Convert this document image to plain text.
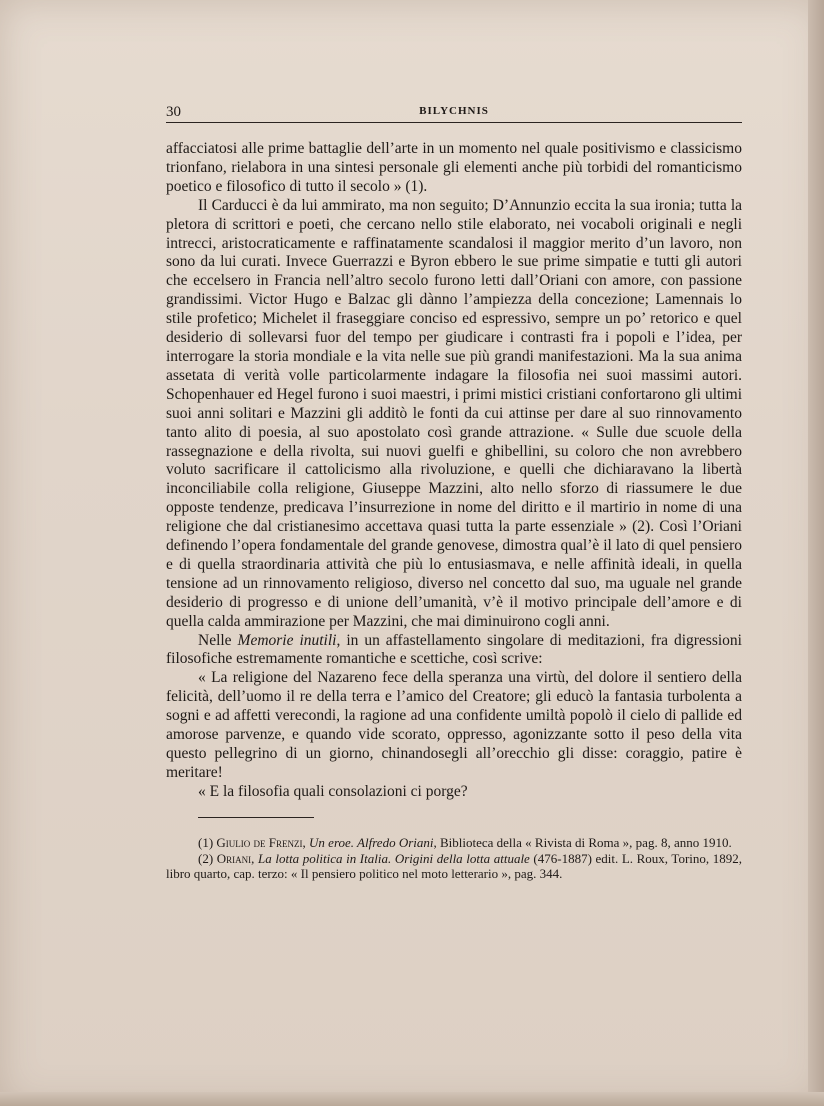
30	BILYCHNIS

affacciatosi alle prime battaglie dell’arte in un momento nel quale positivismo e classicismo trionfano, rielabora in una sintesi personale gli elementi anche più torbidi del romanticismo poetico e filosofico di tutto il secolo » (1).

Il Carducci è da lui ammirato, ma non seguito; D’Annunzio eccita la sua ironia; tutta la pletora di scrittori e poeti, che cercano nello stile elaborato, nei vocaboli originali e negli intrecci, aristocraticamente e raffinatamente scandalosi il maggior merito d’un lavoro, non sono da lui curati. Invece Guerrazzi e Byron ebbero le sue prime simpatie e tutti gli autori che eccelsero in Francia nell’altro secolo furono letti dall’Oriani con amore, con passione grandissimi. Victor Hugo e Balzac gli dànno l’ampiezza della concezione; Lamennais lo stile profetico; Michelet il fraseggiare conciso ed espressivo, sempre un po’ retorico e quel desiderio di sollevarsi fuor del tempo per giudicare i contrasti fra i popoli e l’idea, per interrogare la storia mondiale e la vita nelle sue più grandi manifestazioni. Ma la sua anima assetata di verità volle particolarmente indagare la filosofia nei suoi massimi autori. Schopenhauer ed Hegel furono i suoi maestri, i primi mistici cristiani confortarono gli ultimi suoi anni solitari e Mazzini gli additò le fonti da cui attinse per dare al suo rinnovamento tanto alito di poesia, al suo apostolato così grande attrazione. « Sulle due scuole della rassegnazione e della rivolta, sui nuovi guelfi e ghibellini, su coloro che non avrebbero voluto sacrificare il cattolicismo alla rivoluzione, e quelli che dichiaravano la libertà inconciliabile colla religione, Giuseppe Mazzini, alto nello sforzo di riassumere le due opposte tendenze, predicava l’insurrezione in nome del diritto e il martirio in nome di una religione che dal cristianesimo accettava quasi tutta la parte essenziale » (2). Così l’Oriani definendo l’opera fondamentale del grande genovese, dimostra qual’è il lato di quel pensiero e di quella straordinaria attività che più lo entusiasmava, e nelle affinità ideali, in quella tensione ad un rinnovamento religioso, diverso nel concetto dal suo, ma uguale nel grande desiderio di progresso e di unione dell’umanità, v’è il motivo principale dell’amore e di quella calda ammirazione per Mazzini, che mai diminuirono cogli anni.

Nelle Memorie inutili, in un affastellamento singolare di meditazioni, fra digressioni filosofiche estremamente romantiche e scettiche, così scrive:

« La religione del Nazareno fece della speranza una virtù, del dolore il sentiero della felicità, dell’uomo il re della terra e l’amico del Creatore; gli educò la fantasia turbolenta a sogni e ad affetti verecondi, la ragione ad una confidente umiltà popolò il cielo di pallide ed amorose parvenze, e quando vide scorato, oppresso, agonizzante sotto il peso della vita questo pellegrino di un giorno, chinandosegli all’orecchio gli disse: coraggio, patire è meritare!

« E la filosofia quali consolazioni ci porge?

(1) Giulio de Frenzi, Un eroe. Alfredo Oriani, Biblioteca della « Rivista di Roma », pag. 8, anno 1910.

(2) Oriani, La lotta politica in Italia. Origini della lotta attuale (476-1887) edit. L. Roux, Torino, 1892, libro quarto, cap. terzo: « Il pensiero politico nel moto letterario », pag. 344.
